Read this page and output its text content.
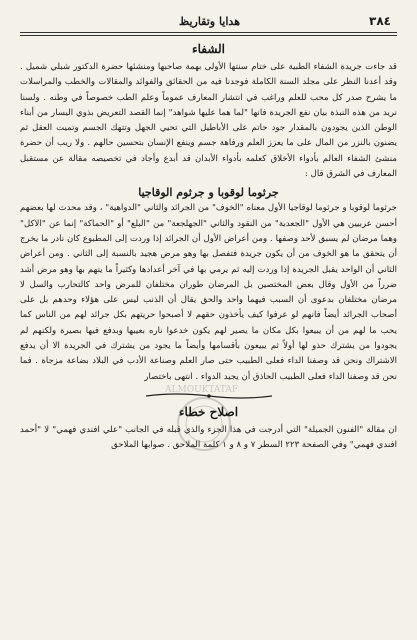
٣٨٤
هدايا وتقاريظ
الشفاء

قد جاءت جريدة الشفاء الطبية على ختام سنتها الأولى بهمة صاحبها ومنشئها حضرة الدكتور شبلي شميل . وقد أعدنا النظر على مجلد السنة الكاملة فوجدنا فيه من الحقائق والفوائد والمقالات والخطب والمراسلات ما يشرح صدر كل محب للعلم وراغب في انتشار المعارف عموماً وعلم الطب خصوصاً في وطنه . ولسنا نريد من هذه النبذة بيان نفع الجريدة فانها "لما هما عليها شواهد" إنما القصد التعريض بذوي اليسار من أبناء الوطن الذين يجودون بالمقدار جود حاتم على الأباطيل التي تحيي الجهل وتتهك الجسم وتميت العقل ثم يضنون بالنزر من المال على ما يعزز العلم ورفاهة جسم وينفع الإنسان بتحسين حالهم . ولا ريب أن حضرة منشئ الشفاء العالم بأدواء الأخلاق كعلمه بأدواء الأبدان قد أبدع وأجاد في تخصيصه مقالة عن مستقبل المعارف في الشرق قال :

جرثوما لوقوبا و جرثوم الوقاجيا

جرثوما لوقوبا و جرثوما لوقاجيا الأول معناه "الخوف" من الجرائد والثاني "الدواهية" ، وقد محدث لها بعضهم أحسن عربيين هي الأول "الجعدبة" من النقود والثاني "الجهلجعة" من "البلع" أو "الحماكة" إنما عن "الاكل" وهما مرضان لم يسبق لأحد وصفها . ومن أعراض الأول أن الجرائد إذا وردت إلى المطبوع كان نادر ما يخرج أن يتحقق ما هو الخوف من أن يكون جريدة فتفصل بها وهو مرض هجيد بالنسبة إلى الثاني . ومن أعراض الثاني أن الواحد يقبل الجريدة إذا وردت إليه ثم يرمي بها في آخر أعدادها وكثيراً ما يتهم بها وهو مرض أشد ضرراً من الأول وقال بعض المختصين بل المرضان طوران مختلفان للمرض واحد كالتحارب والسل لا مرضان مختلفان بدعوى أن السبب فيهما واحد والحق يقال أن الذنب ليس على هؤلاء وحدهم بل على أصحاب الجرائد أيضاً فانهم لو عرفوا كيف يأخذون حقهم لا أصبحوا حريتهم بكل جرائد لهم من الناس كما يحب ما لهم من أن يبيعوا بكل مكان ما يصير لهم يكون خدعوا ناره بعيبها وبدفع فيها بصيرة ولكنهم لم يجودوا من يشترك حذو لها أولاً ثم يبيعون بأقسامها وأيضاً ما يجود من يشترك في الجريدة الا أن يدفع الاشتراك ونحن قد وصفنا الداء فعلى الطبيب حتى صار العلم وصناعة الأدب في البلاد بضاعة مزجاة . فما نحن قد وصفنا الداء فعلى الطبيب الحاذق أن يجيد الدواء . انتهى باختصار

اصلاح خطاء

ان مقالة "الفنون الجميلة" التي أدرجت في هذا الجزء والذي قبله في الجانب "علي افندي فهمي" لا "أحمد افندي فهمي" وفي الصفحة ٢٢٣ السطر ٧ و ٨ و ١ كلمة الملاحق . صوابها الملاحق

ALMOUKTATAF
